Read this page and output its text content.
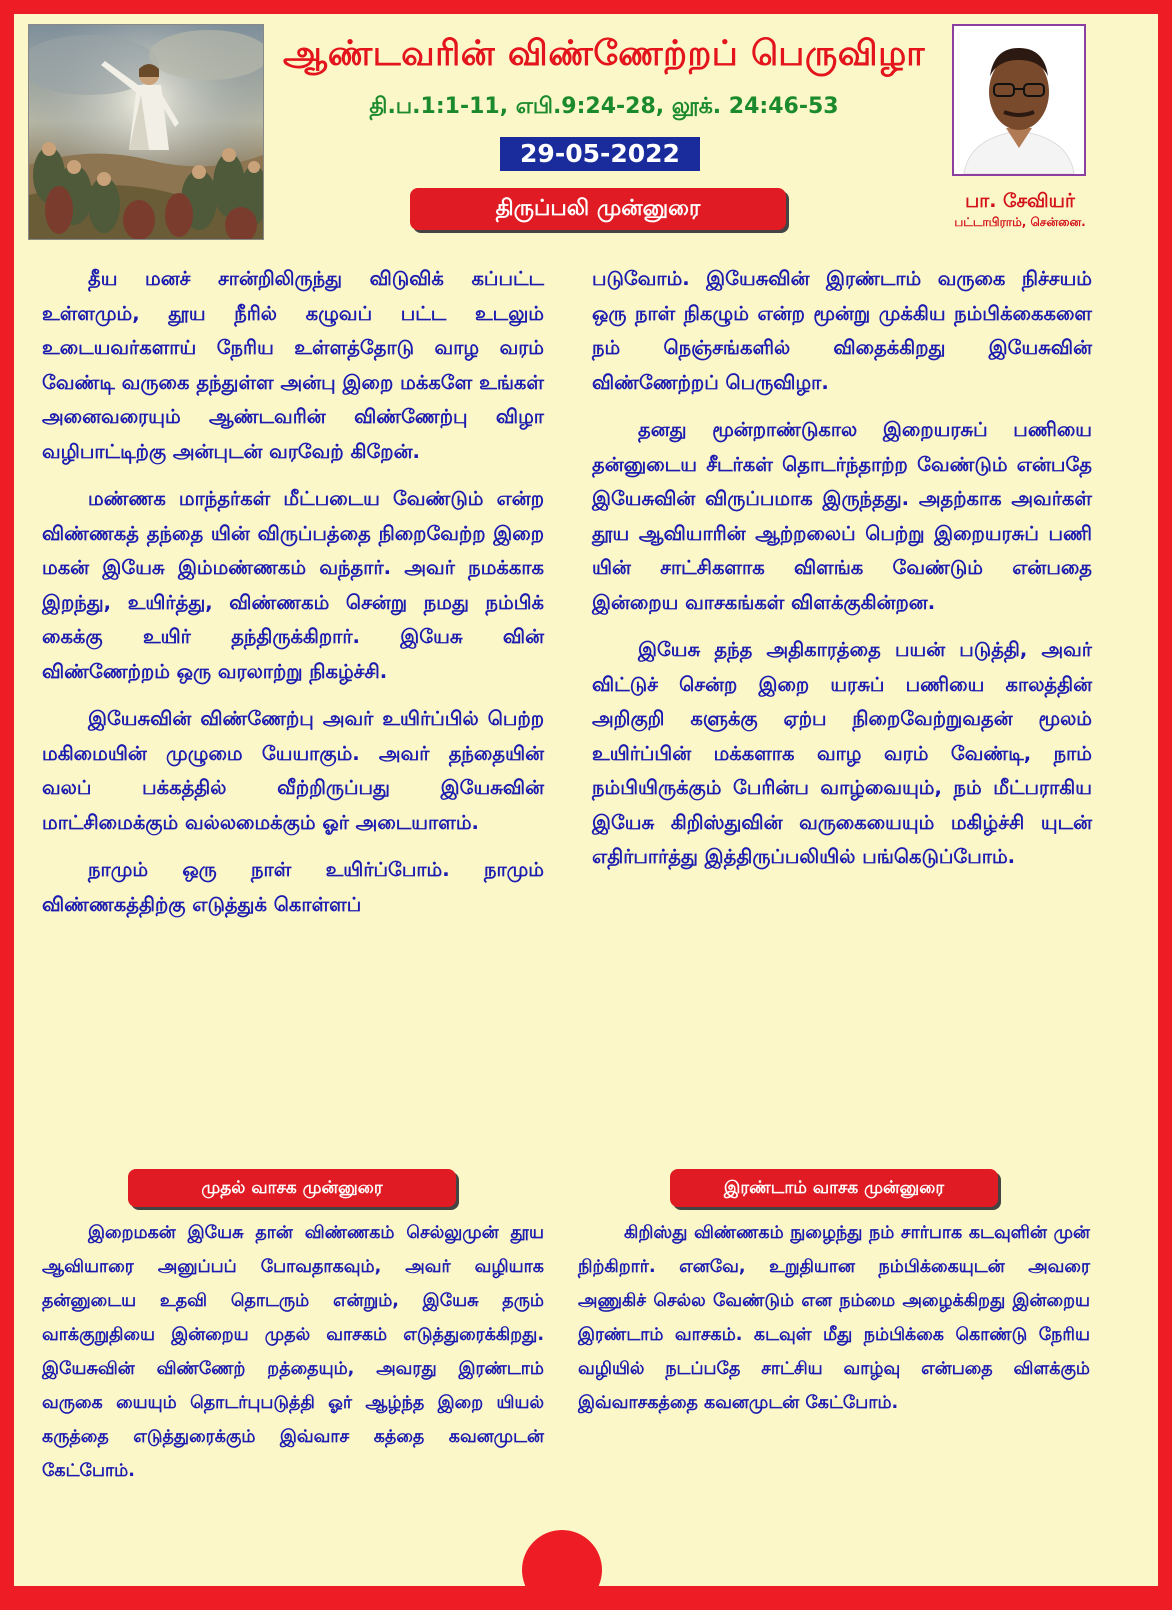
ஆண்டவரின் விண்ணேற்றப் பெருவிழா
தி.ப.1:1-11, எபி.9:24-28, லூக். 24:46-53
29-05-2022
திருப்பலி முன்னுரை	பா. சேவியர்
பட்டாபிராம், சென்னை.

தீய மனச் சான்றிலிருந்து விடுவிக் கப்பட்ட உள்ளமும், தூய நீரில் கழுவப் பட்ட உடலும் உடையவர்களாய் நேரிய உள்ளத்தோடு வாழ வரம் வேண்டி வருகை தந்துள்ள அன்பு இறை மக்களே உங்கள் அனைவரையும் ஆண்டவரின் விண்ணேற்பு விழா வழிபாட்டிற்கு அன்புடன் வரவேற் கிறேன்.

மண்ணக மாந்தர்கள் மீட்படைய வேண்டும் என்ற விண்ணகத் தந்தை யின் விருப்பத்தை நிறைவேற்ற இறை மகன் இயேசு இம்மண்ணகம் வந்தார். அவர் நமக்காக இறந்து, உயிர்த்து, விண்ணகம் சென்று நமது நம்பிக் கைக்கு உயிர் தந்திருக்கிறார். இயேசு வின் விண்ணேற்றம் ஒரு வரலாற்று நிகழ்ச்சி.

இயேசுவின் விண்ணேற்பு அவர் உயிர்ப்பில் பெற்ற மகிமையின் முழுமை யேயாகும். அவர் தந்தையின் வலப் பக்கத்தில் வீற்றிருப்பது இயேசுவின் மாட்சிமைக்கும் வல்லமைக்கும் ஓர் அடையாளம்.

நாமும் ஒரு நாள் உயிர்ப்போம். நாமும் விண்ணகத்திற்கு எடுத்துக் கொள்ளப்

படுவோம். இயேசுவின் இரண்டாம் வருகை நிச்சயம் ஒரு நாள் நிகழும் என்ற மூன்று முக்கிய நம்பிக்கைகளை நம் நெஞ்சங்களில் விதைக்கிறது இயேசுவின் விண்ணேற்றப் பெருவிழா.

தனது மூன்றாண்டுகால இறையரசுப் பணியை தன்னுடைய சீடர்கள் தொடர்ந்தாற்ற வேண்டும் என்பதே இயேசுவின் விருப்பமாக இருந்தது. அதற்காக அவர்கள் தூய ஆவியாரின் ஆற்றலைப் பெற்று இறையரசுப் பணி யின் சாட்சிகளாக விளங்க வேண்டும் என்பதை இன்றைய வாசகங்கள் விளக்குகின்றன.

இயேசு தந்த அதிகாரத்தை பயன் படுத்தி, அவர் விட்டுச் சென்ற இறை யரசுப் பணியை காலத்தின் அறிகுறி களுக்கு ஏற்ப நிறைவேற்றுவதன் மூலம் உயிர்ப்பின் மக்களாக வாழ வரம் வேண்டி, நாம் நம்பியிருக்கும் பேரின்ப வாழ்வையும், நம் மீட்பராகிய இயேசு கிறிஸ்துவின் வருகையையும் மகிழ்ச்சி யுடன் எதிர்பார்த்து இத்திருப்பலியில் பங்கெடுப்போம்.

முதல் வாசக முன்னுரை	இரண்டாம் வாசக முன்னுரை

இறைமகன் இயேசு தான் விண்ணகம் செல்லுமுன் தூய ஆவியாரை அனுப்பப் போவதாகவும், அவர் வழியாக தன்னுடைய உதவி தொடரும் என்றும், இயேசு தரும் வாக்குறுதியை இன்றைய முதல் வாசகம் எடுத்துரைக்கிறது. இயேசுவின் விண்ணேற் றத்தையும், அவரது இரண்டாம் வருகை யையும் தொடர்புபடுத்தி ஓர் ஆழ்ந்த இறை யியல் கருத்தை எடுத்துரைக்கும் இவ்வாச கத்தை கவனமுடன் கேட்போம்.

கிறிஸ்து விண்ணகம் நுழைந்து நம் சார்பாக கடவுளின் முன் நிற்கிறார். எனவே, உறுதியான நம்பிக்கையுடன் அவரை அணுகிச் செல்ல வேண்டும் என நம்மை அழைக்கிறது இன்றைய இரண்டாம் வாசகம். கடவுள் மீது நம்பிக்கை கொண்டு நேரிய வழியில் நடப்பதே சாட்சிய வாழ்வு என்பதை விளக்கும் இவ்வாசகத்தை கவனமுடன் கேட்போம்.
